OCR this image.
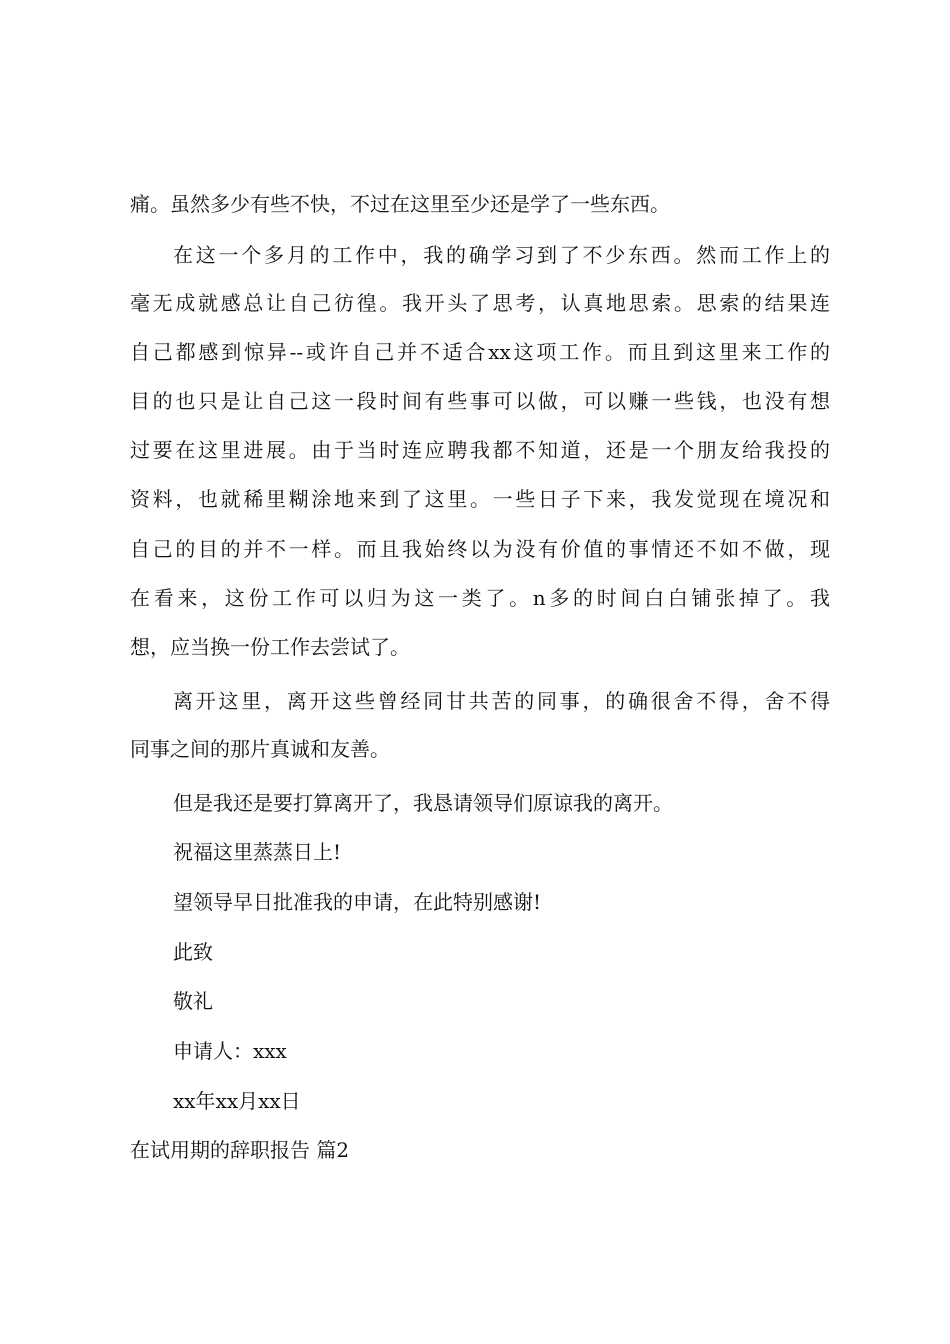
痛。虽然多少有些不快，不过在这里至少还是学了一些东西。
在这一个多月的工作中，我的确学习到了不少东西。然而工作上的
毫无成就感总让自己彷徨。我开头了思考，认真地思索。思索的结果连
自己都感到惊异--或许自己并不适合xx这项工作。而且到这里来工作的
目的也只是让自己这一段时间有些事可以做，可以赚一些钱，也没有想
过要在这里进展。由于当时连应聘我都不知道，还是一个朋友给我投的
资料，也就稀里糊涂地来到了这里。一些日子下来，我发觉现在境况和
自己的目的并不一样。而且我始终以为没有价值的事情还不如不做，现
在看来，这份工作可以归为这一类了。n多的时间白白铺张掉了。我
想，应当换一份工作去尝试了。
离开这里，离开这些曾经同甘共苦的同事，的确很舍不得，舍不得
同事之间的那片真诚和友善。
但是我还是要打算离开了，我恳请领导们原谅我的离开。
祝福这里蒸蒸日上!
望领导早日批准我的申请，在此特别感谢!
此致
敬礼
申请人：xxx
xx年xx月xx日
在试用期的辞职报告 篇2
